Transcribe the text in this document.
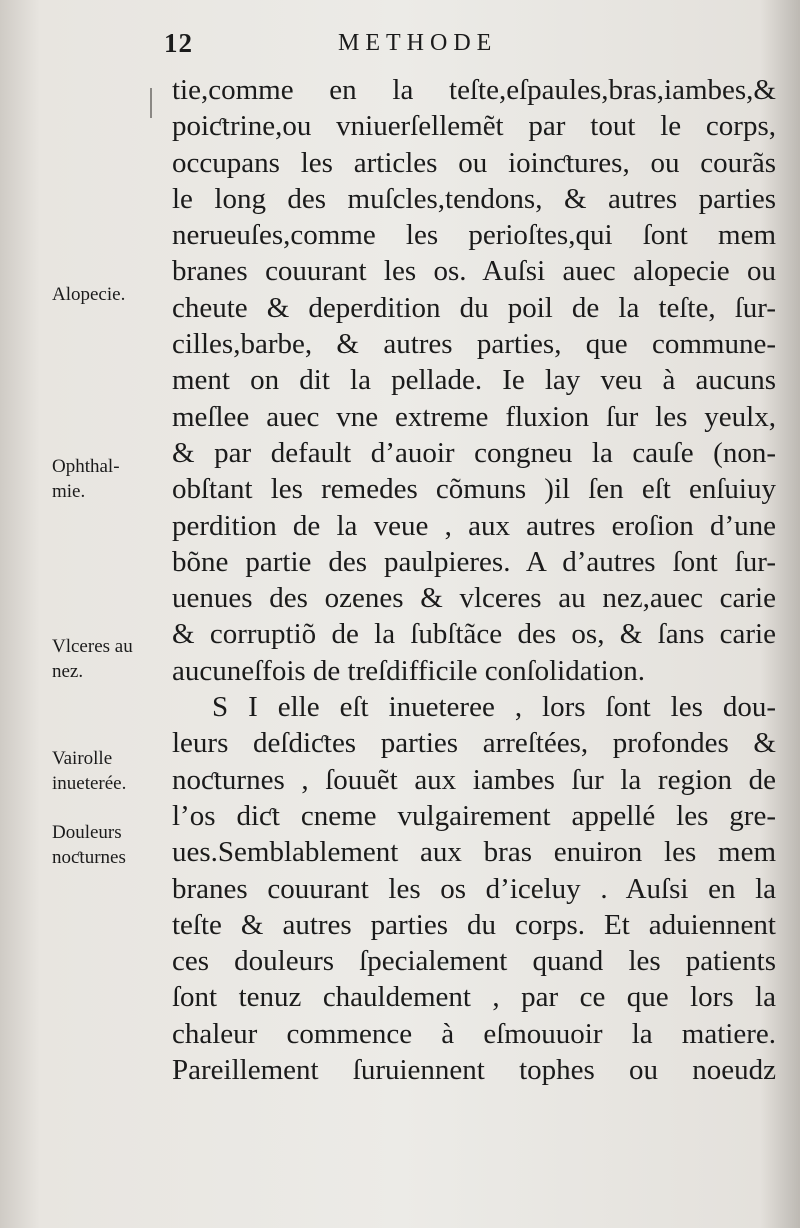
12	METHODE
Alopecie.
Ophthal-
mie.
Vlceres au
nez.
Vairolle
inueterée.
Douleurs
noƈturnes
tie,comme en la teſte,eſpaules,bras,iambes,&
poiƈtrine,ou vniuerſellemẽt par tout le corps,
occupans les articles ou ioinƈtures, ou courãs
le long des muſcles,tendons, & autres parties
nerueuſes,comme les perioſtes,qui ſont mem
branes couurant les os. Auſsi auec alopecie ou
cheute & deperdition du poil de la teſte, ſur-
cilles,barbe, & autres parties, que commune-
ment on dit la pellade. Ie lay veu à aucuns
meſlee auec vne extreme fluxion ſur les yeulx,
& par default d’auoir congneu la cauſe (non-
obſtant les remedes cõmuns )il ſen eſt enſuiuy
perdition de la veue , aux autres eroſion d’une
bõne partie des paulpieres. A d’autres ſont ſur-
uenues des ozenes & vlceres au nez,auec carie
& corruptiõ de la ſubſtãce des os, & ſans carie
aucuneſfois de treſdifficile conſolidation.
S I elle eſt inueteree , lors ſont les dou-
leurs deſdiƈtes parties arreſtées, profondes &
noƈturnes , ſouuẽt aux iambes ſur la region de
l’os diƈt cneme vulgairement appellé les gre-
ues.Semblablement aux bras enuiron les mem
branes couurant les os d’iceluy . Auſsi en la
teſte & autres parties du corps. Et aduiennent
ces douleurs ſpecialement quand les patients
ſont tenuz chauldement , par ce que lors la
chaleur commence à eſmouuoir la matiere.
Pareillement ſuruiennent tophes ou noeudz
